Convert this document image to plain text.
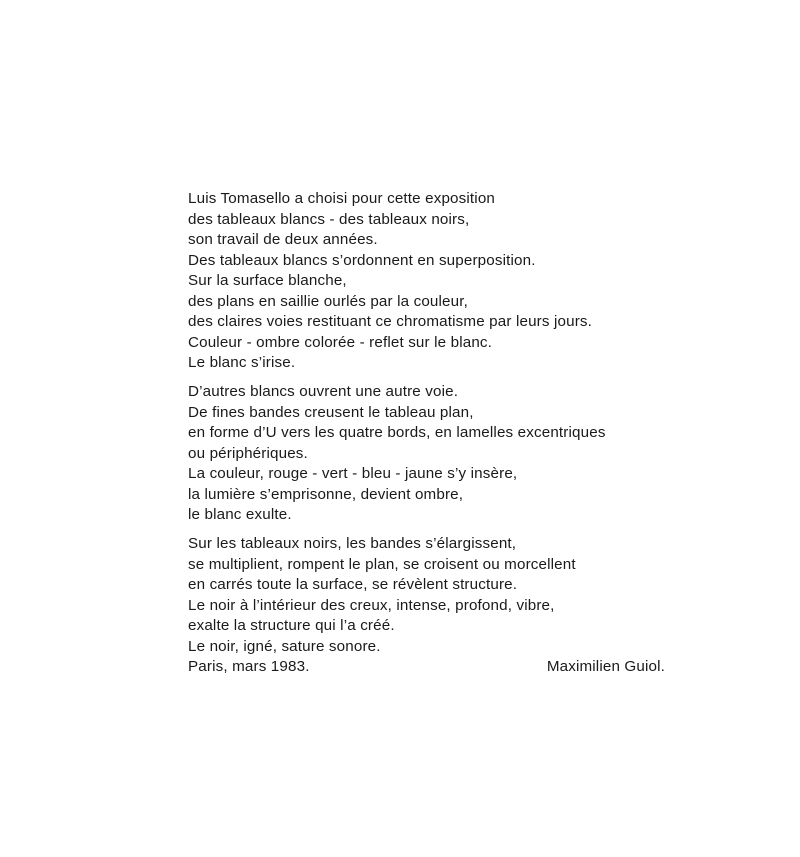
Luis Tomasello a choisi pour cette exposition
des tableaux blancs - des tableaux noirs,
son travail de deux années.
Des tableaux blancs s’ordonnent en superposition.
Sur la surface blanche,
des plans en saillie ourlés par la couleur,
des claires voies restituant ce chromatisme par leurs jours.
Couleur - ombre colorée - reflet sur le blanc.
Le blanc s’irise.
D’autres blancs ouvrent une autre voie.
De fines bandes creusent le tableau plan,
en forme d’U vers les quatre bords, en lamelles excentriques
ou périphériques.
La couleur, rouge - vert - bleu - jaune s’y insère,
la lumière s’emprisonne, devient ombre,
le blanc exulte.
Sur les tableaux noirs, les bandes s’élargissent,
se multiplient, rompent le plan, se croisent ou morcellent
en carrés toute la surface, se révèlent structure.
Le noir à l’intérieur des creux, intense, profond, vibre,
exalte la structure qui l’a créé.
Le noir, igné, sature sonore.
Paris, mars 1983.	Maximilien Guiol.
